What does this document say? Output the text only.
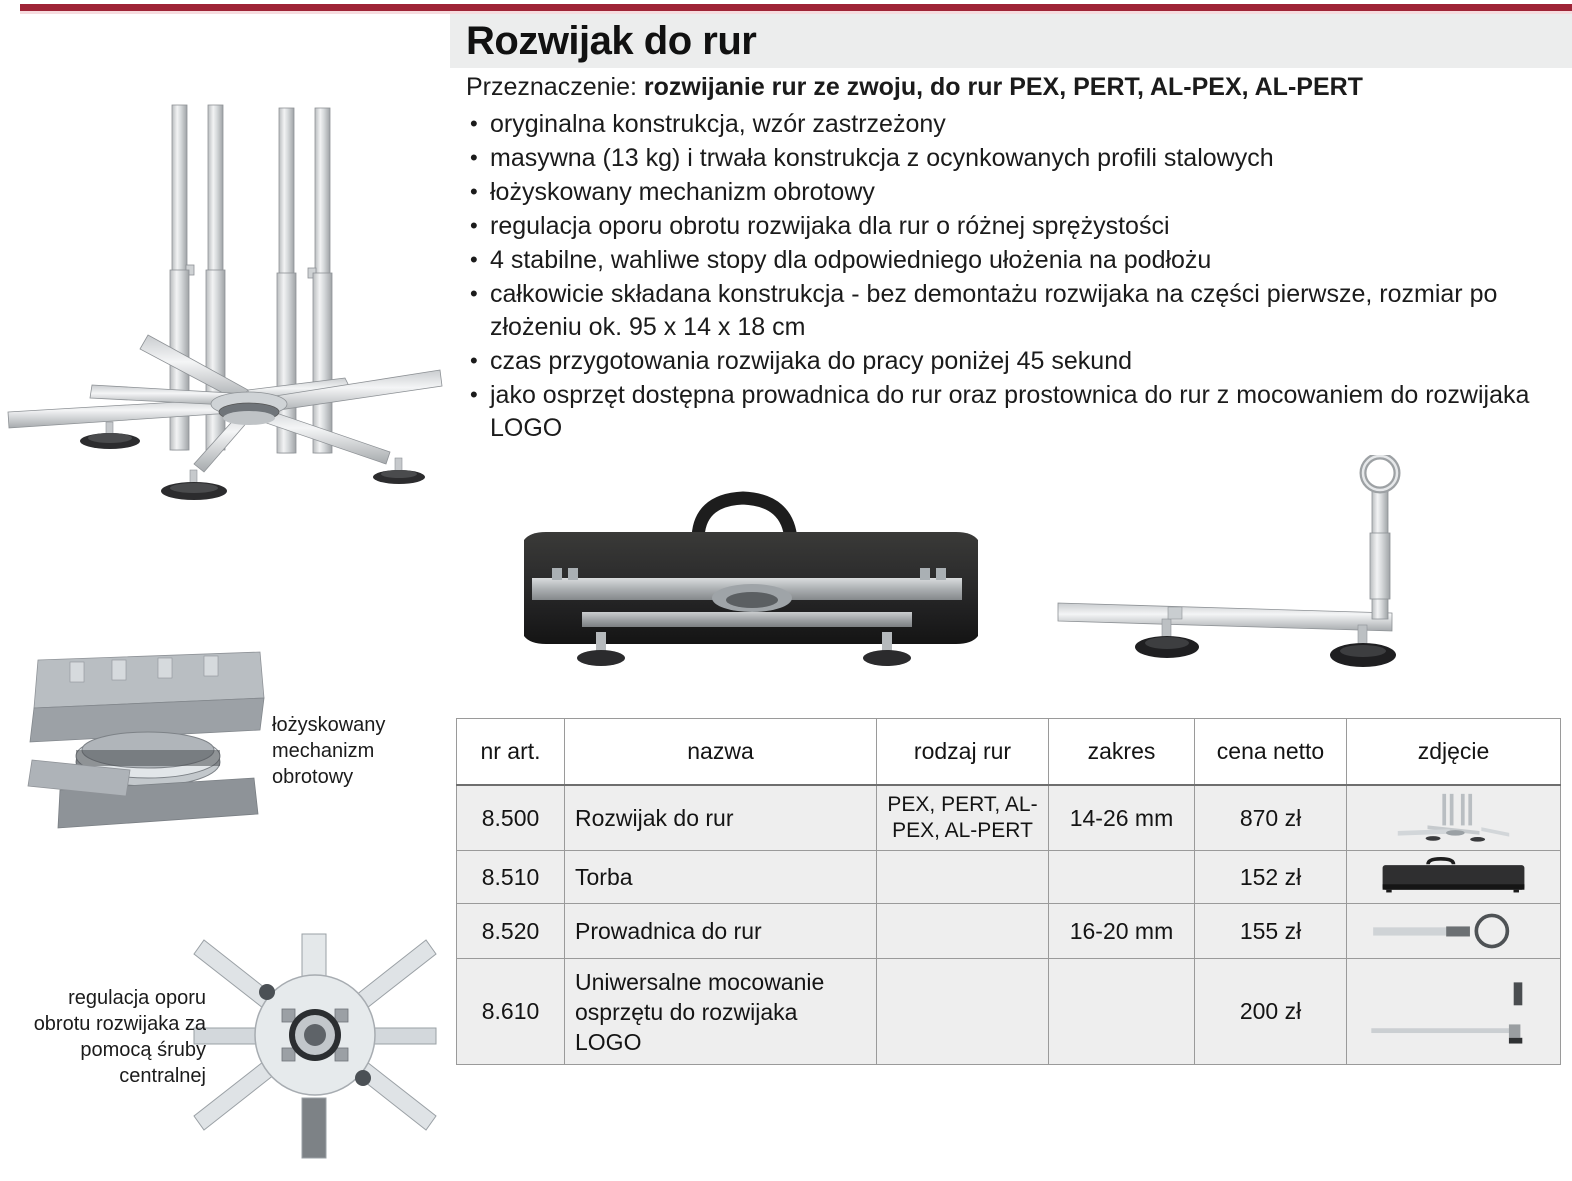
Rozwijak do rur
Przeznaczenie: rozwijanie rur ze zwoju, do rur PEX, PERT, AL-PEX, AL-PERT
• oryginalna konstrukcja, wzór zastrzeżony
• masywna (13 kg) i trwała konstrukcja z ocynkowanych profili stalowych
• łożyskowany mechanizm obrotowy
• regulacja oporu obrotu rozwijaka dla rur o różnej sprężystości
• 4 stabilne, wahliwe stopy dla odpowiedniego ułożenia na podłożu
• całkowicie składana konstrukcja - bez demontażu rozwijaka na części pierwsze, rozmiar po złożeniu ok. 95 x 14 x 18 cm
• czas przygotowania rozwijaka do pracy poniżej 45 sekund
• jako osprzęt dostępna prowadnica do rur oraz prostownica do rur z mocowaniem do rozwijaka LOGO
łożyskowany mechanizm obrotowy
regulacja oporu obrotu rozwijaka za pomocą śruby centralnej
nr art.	nazwa	rodzaj rur	zakres	cena netto	zdjęcie
8.500	Rozwijak do rur	PEX, PERT, AL-PEX, AL-PERT	14-26 mm	870 zł	

8.510	Torba			152 zł	

8.520	Prowadnica do rur		16-20 mm	155 zł	

8.610	Uniwersalne mocowanie osprzętu do rozwijaka LOGO			200 zł	
